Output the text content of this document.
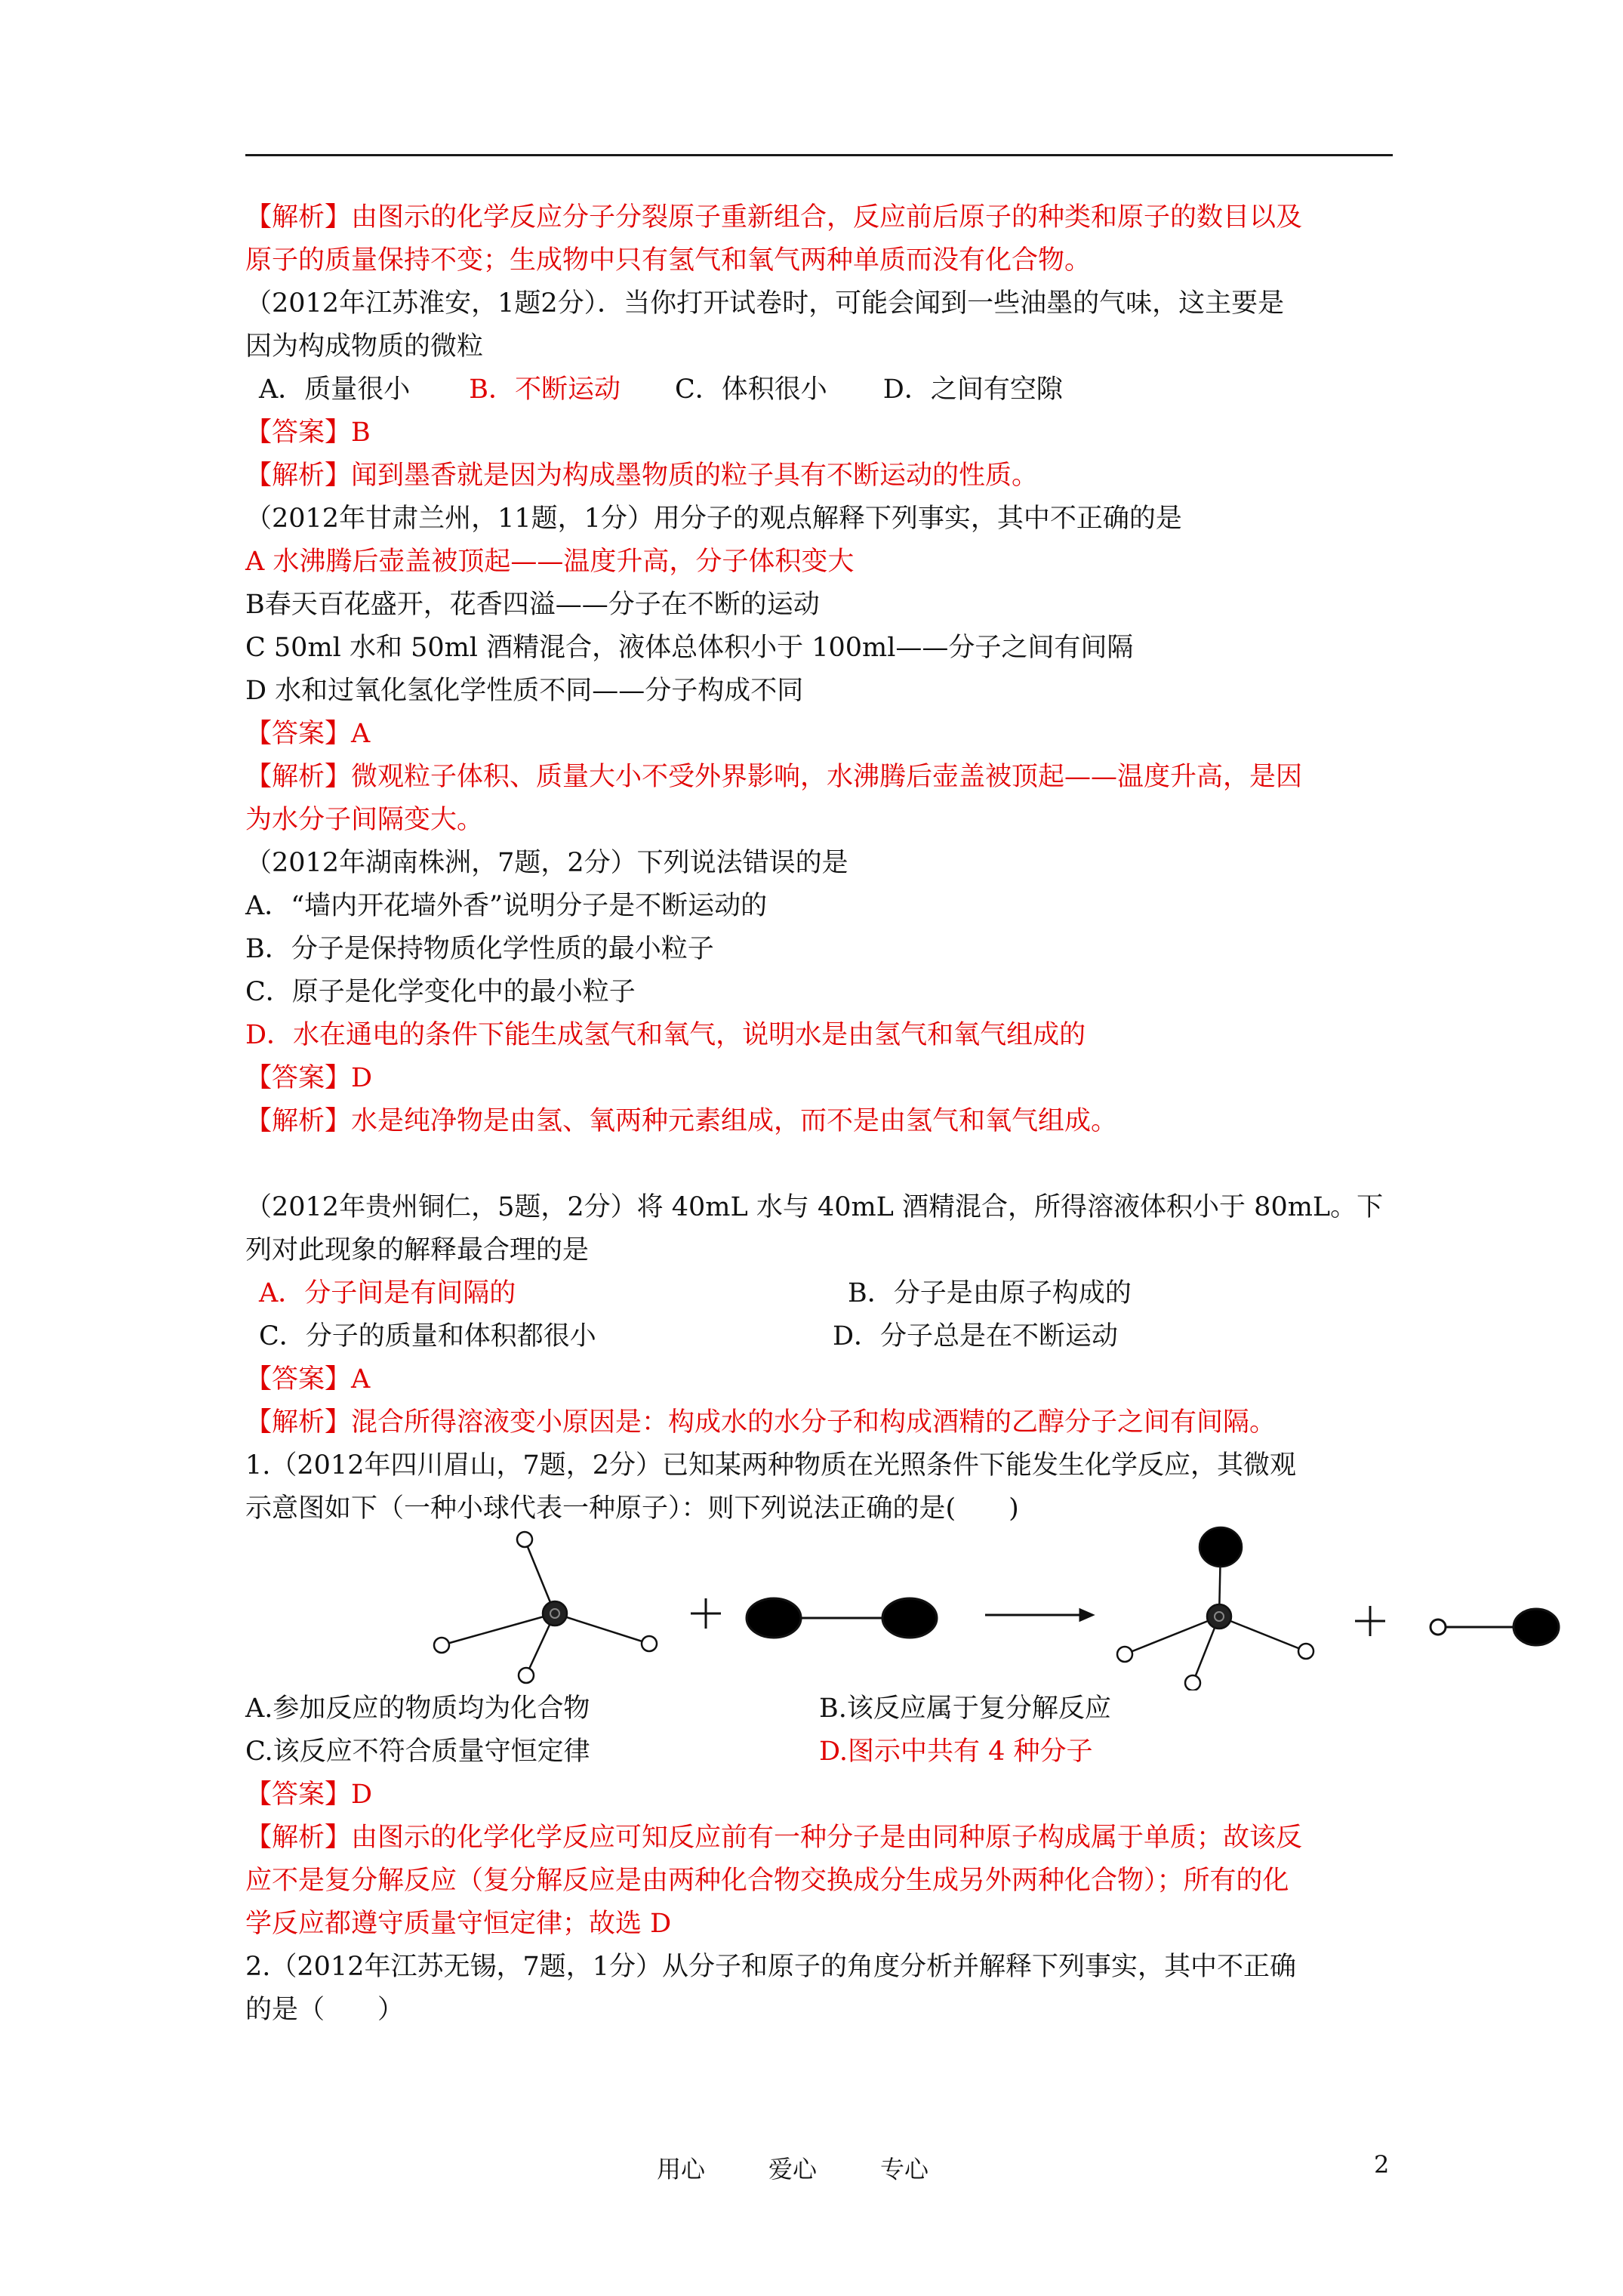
【解析】由图示的化学反应分子分裂原子重新组合，反应前后原子的种类和原子的数目以及
原子的质量保持不变；生成物中只有氢气和氧气两种单质而没有化合物。
（2012年江苏淮安，1题2分）．当你打开试卷时，可能会闻到一些油墨的气味，这主要是
因为构成物质的微粒
A．质量很小 B．不断运动 C．体积很小 D．之间有空隙
【答案】B
【解析】闻到墨香就是因为构成墨物质的粒子具有不断运动的性质。
（2012年甘肃兰州，11题，1分）用分子的观点解释下列事实，其中不正确的是
A 水沸腾后壶盖被顶起——温度升高，分子体积变大
B春天百花盛开，花香四溢——分子在不断的运动
C 50ml 水和 50ml 酒精混合，液体总体积小于 100ml——分子之间有间隔
D 水和过氧化氢化学性质不同——分子构成不同
【答案】A
【解析】微观粒子体积、质量大小不受外界影响，水沸腾后壶盖被顶起——温度升高，是因
为水分子间隔变大。
（2012年湖南株洲，7题，2分）下列说法错误的是
A．“墙内开花墙外香”说明分子是不断运动的
B．分子是保持物质化学性质的最小粒子
C．原子是化学变化中的最小粒子
D．水在通电的条件下能生成氢气和氧气，说明水是由氢气和氧气组成的
【答案】D
【解析】水是纯净物是由氢、氧两种元素组成，而不是由氢气和氧气组成。
（2012年贵州铜仁，5题，2分）将 40mL 水与 40mL 酒精混合，所得溶液体积小于 80mL。下
列对此现象的解释最合理的是
A．分子间是有间隔的	B．分子是由原子构成的
C．分子的质量和体积都很小	D．分子总是在不断运动
【答案】A
【解析】混合所得溶液变小原因是：构成水的水分子和构成酒精的乙醇分子之间有间隔。
1.（2012年四川眉山，7题，2分）已知某两种物质在光照条件下能发生化学反应，其微观
示意图如下（一种小球代表一种原子）：则下列说法正确的是(　　)
A.参加反应的物质均为化合物	B.该反应属于复分解反应
C.该反应不符合质量守恒定律	D.图示中共有 4 种分子
【答案】D
【解析】由图示的化学化学反应可知反应前有一种分子是由同种原子构成属于单质；故该反
应不是复分解反应（复分解反应是由两种化合物交换成分生成另外两种化合物）；所有的化
学反应都遵守质量守恒定律；故选 D
2.（2012年江苏无锡，7题，1分）从分子和原子的角度分析并解释下列事实，其中不正确
的是（　　）
用心	爱心	专心	2
